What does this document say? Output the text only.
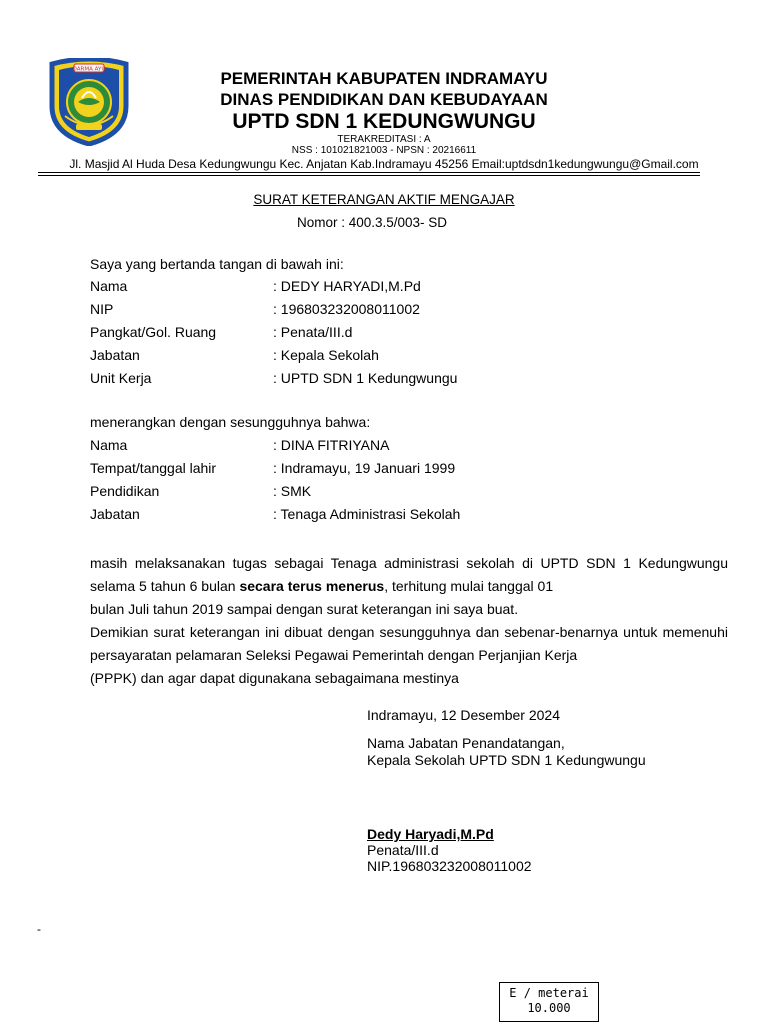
DARMA AYU	PEMERINTAH KABUPATEN INDRAMAYU
DINAS PENDIDIKAN DAN KEBUDAYAAN
UPTD SDN 1 KEDUNGWUNGU
TERAKREDITASI : A
NSS : 101021821003 - NPSN : 20216611
Jl. Masjid Al Huda Desa Kedungwungu Kec. Anjatan Kab.Indramayu 45256 Email:uptdsdn1kedungwungu@Gmail.com
SURAT KETERANGAN AKTIF MENGAJAR
Nomor : 400.3.5/003- SD
Saya yang bertanda tangan di bawah ini:
Nama	: DEDY HARYADI,M.Pd
NIP	: 196803232008011002
Pangkat/Gol. Ruang	: Penata/III.d
Jabatan	: Kepala Sekolah
Unit Kerja	: UPTD SDN 1 Kedungwungu
menerangkan dengan sesungguhnya bahwa:
Nama	: DINA FITRIYANA
Tempat/tanggal lahir	: Indramayu, 19 Januari 1999
Pendidikan	: SMK
Jabatan	: Tenaga Administrasi Sekolah
masih melaksanakan tugas sebagai Tenaga administrasi sekolah di UPTD SDN 1 Kedungwungu selama 5 tahun 6 bulan secara terus menerus, terhitung mulai tanggal 01
bulan Juli tahun 2019 sampai dengan surat keterangan ini saya buat.
Demikian surat keterangan ini dibuat dengan sesungguhnya dan sebenar-benarnya untuk memenuhi persayaratan pelamaran Seleksi Pegawai Pemerintah dengan Perjanjian Kerja
(PPPK) dan agar dapat digunakana sebagaimana mestinya
Indramayu, 12 Desember 2024
Nama Jabatan Penandatangan,
Kepala Sekolah UPTD SDN 1 Kedungwungu
Dedy Haryadi,M.Pd
Penata/III.d
NIP.196803232008011002
-
E / meterai
10.000
